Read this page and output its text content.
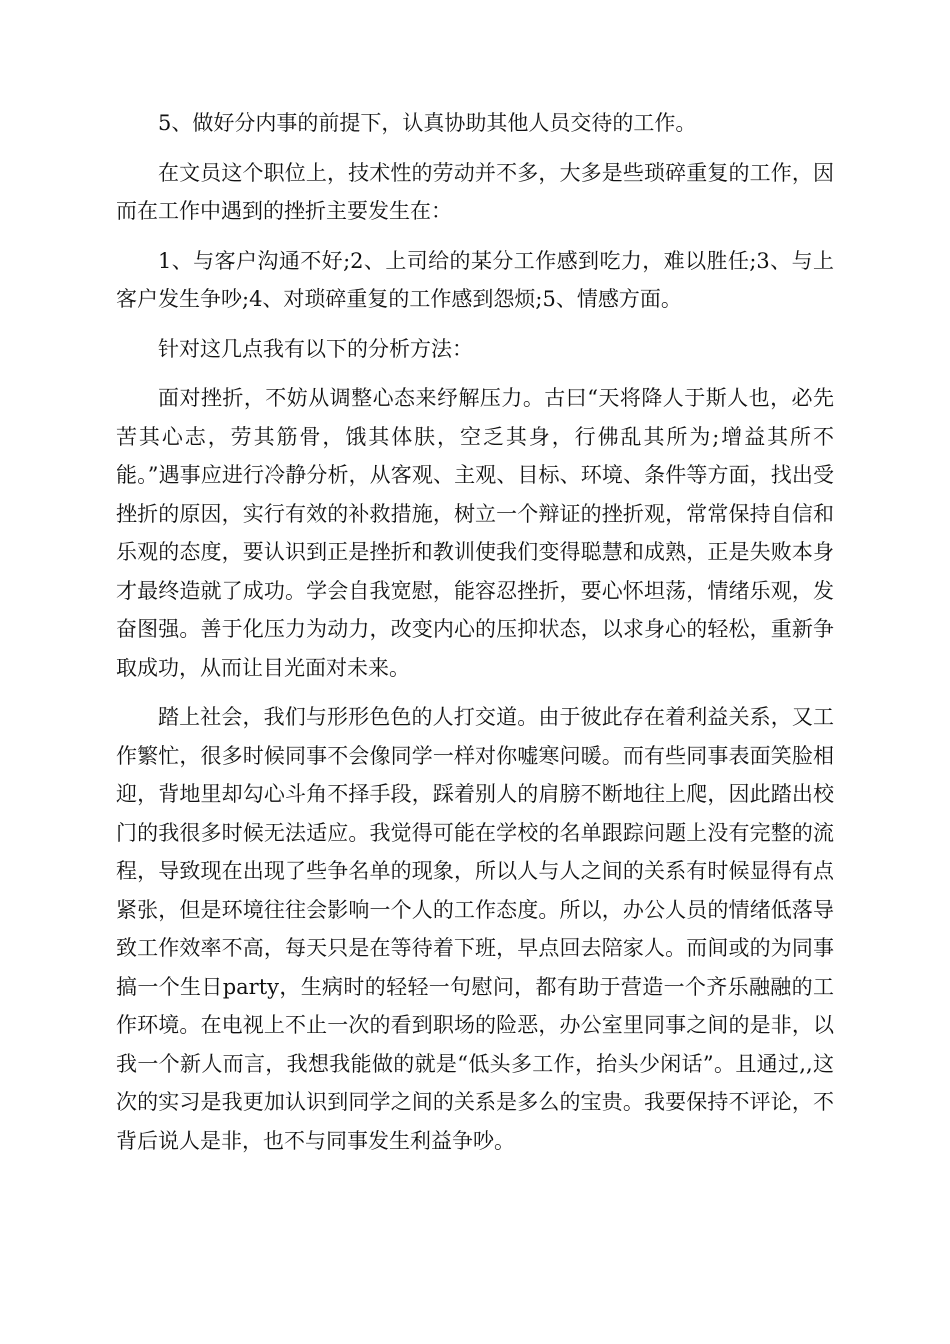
5、做好分内事的前提下，认真协助其他人员交待的工作。

在文员这个职位上，技术性的劳动并不多，大多是些琐碎重复的工作，因而在工作中遇到的挫折主要发生在：

1、与客户沟通不好;2、上司给的某分工作感到吃力，难以胜任;3、与上客户发生争吵;4、对琐碎重复的工作感到怨烦;5、情感方面。

针对这几点我有以下的分析方法：

面对挫折，不妨从调整心态来纾解压力。古曰“天将降人于斯人也，必先苦其心志，劳其筋骨，饿其体肤，空乏其身，行佛乱其所为;增益其所不能。”遇事应进行冷静分析，从客观、主观、目标、环境、条件等方面，找出受挫折的原因，实行有效的补救措施，树立一个辩证的挫折观，常常保持自信和乐观的态度，要认识到正是挫折和教训使我们变得聪慧和成熟，正是失败本身才最终造就了成功。学会自我宽慰，能容忍挫折，要心怀坦荡，情绪乐观，发奋图强。善于化压力为动力，改变内心的压抑状态，以求身心的轻松，重新争取成功，从而让目光面对未来。

踏上社会，我们与形形色色的人打交道。由于彼此存在着利益关系，又工作繁忙，很多时候同事不会像同学一样对你嘘寒问暖。而有些同事表面笑脸相迎，背地里却勾心斗角不择手段，踩着别人的肩膀不断地往上爬，因此踏出校门的我很多时候无法适应。我觉得可能在学校的名单跟踪问题上没有完整的流程，导致现在出现了些争名单的现象，所以人与人之间的关系有时候显得有点紧张，但是环境往往会影响一个人的工作态度。所以，办公人员的情绪低落导致工作效率不高，每天只是在等待着下班，早点回去陪家人。而间或的为同事搞一个生日party，生病时的轻轻一句慰问，都有助于营造一个齐乐融融的工作环境。在电视上不止一次的看到职场的险恶，办公室里同事之间的是非，以我一个新人而言，我想我能做的就是“低头多工作，抬头少闲话”。且通过,,这次的实习是我更加认识到同学之间的关系是多么的宝贵。我要保持不评论，不背后说人是非，也不与同事发生利益争吵。
